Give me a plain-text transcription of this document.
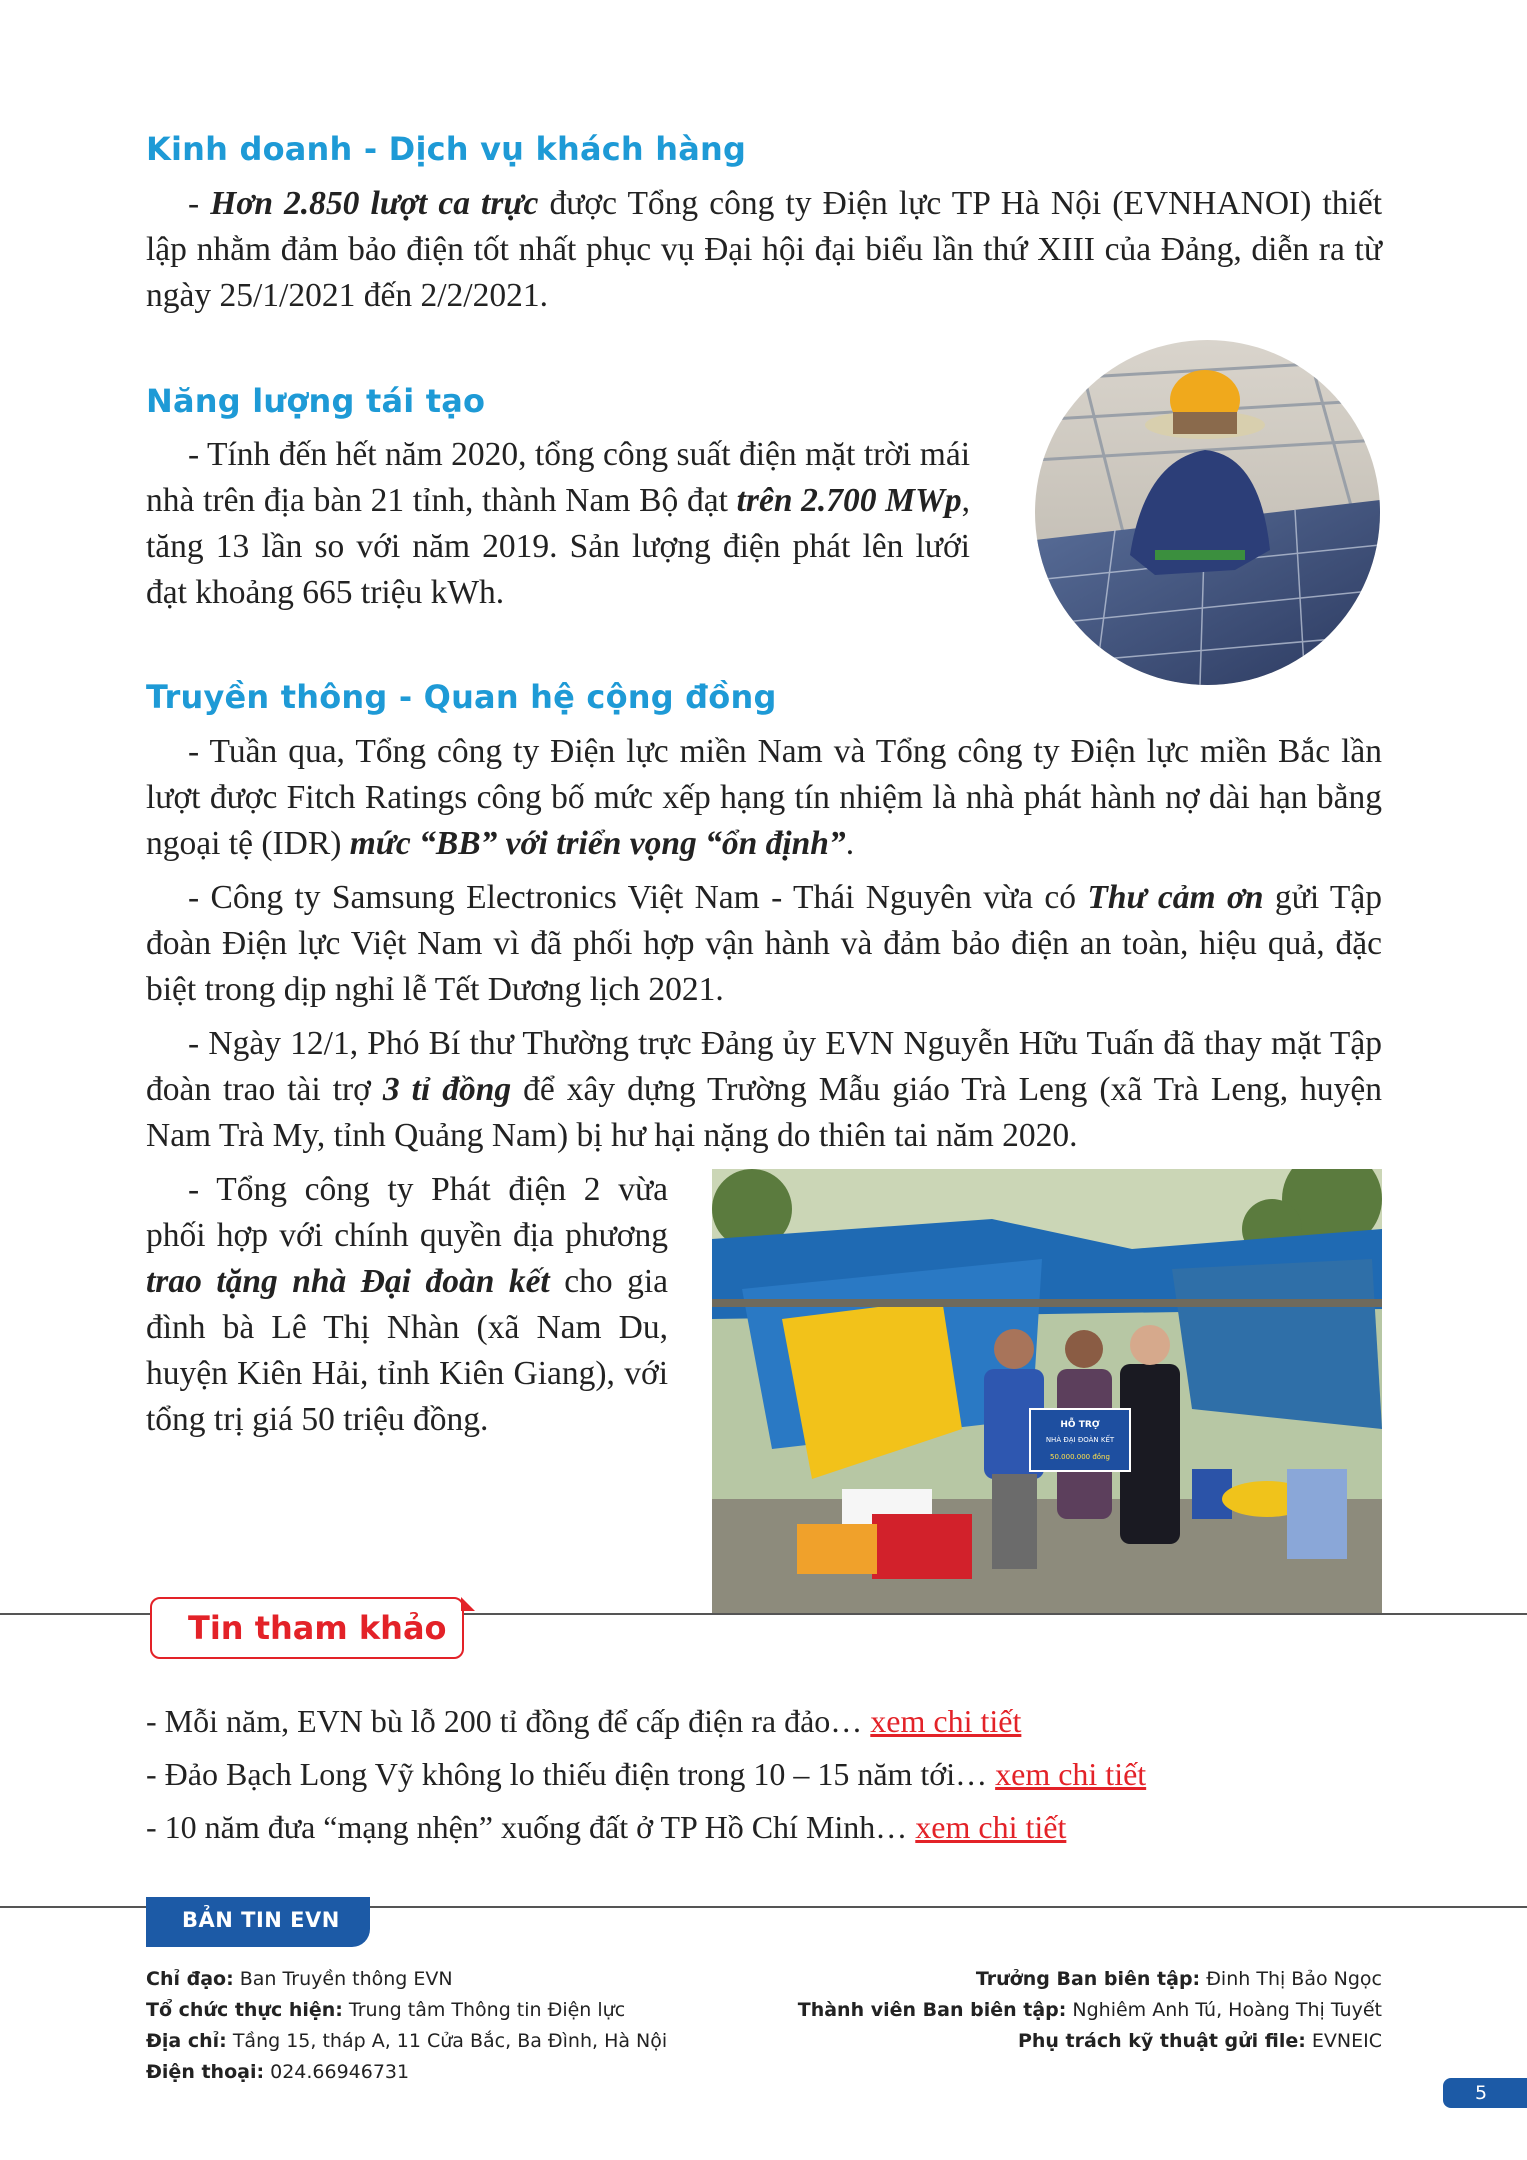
Kinh doanh - Dịch vụ khách hàng
- Hơn 2.850 lượt ca trực được Tổng công ty Điện lực TP Hà Nội (EVNHANOI) thiết lập nhằm đảm bảo điện tốt nhất phục vụ Đại hội đại biểu lần thứ XIII của Đảng, diễn ra từ ngày 25/1/2021 đến 2/2/2021.
Năng lượng tái tạo
- Tính đến hết năm 2020, tổng công suất điện mặt trời mái nhà trên địa bàn 21 tỉnh, thành Nam Bộ đạt trên 2.700 MWp, tăng 13 lần so với năm 2019. Sản lượng điện phát lên lưới đạt khoảng 665 triệu kWh.
Truyền thông - Quan hệ cộng đồng
- Tuần qua, Tổng công ty Điện lực miền Nam và Tổng công ty Điện lực miền Bắc lần lượt được Fitch Ratings công bố mức xếp hạng tín nhiệm là nhà phát hành nợ dài hạn bằng ngoại tệ (IDR) mức “BB” với triển vọng “ổn định”.
- Công ty Samsung Electronics Việt Nam - Thái Nguyên vừa có Thư cảm ơn gửi Tập đoàn Điện lực Việt Nam vì đã phối hợp vận hành và đảm bảo điện an toàn, hiệu quả, đặc biệt trong dịp nghỉ lễ Tết Dương lịch 2021.
- Ngày 12/1, Phó Bí thư Thường trực Đảng ủy EVN Nguyễn Hữu Tuấn đã thay mặt Tập đoàn trao tài trợ 3 tỉ đồng để xây dựng Trường Mẫu giáo Trà Leng (xã Trà Leng, huyện Nam Trà My, tỉnh Quảng Nam) bị hư hại nặng do thiên tai năm 2020.
- Tổng công ty Phát điện 2 vừa phối hợp với chính quyền địa phương trao tặng nhà Đại đoàn kết cho gia đình bà Lê Thị Nhàn (xã Nam Du, huyện Kiên Hải, tỉnh Kiên Giang), với tổng trị giá 50 triệu đồng.	HỖ TRỢ
NHÀ ĐẠI ĐOÀN KẾT
50.000.000 đồng
Tin tham khảo
- Mỗi năm, EVN bù lỗ 200 tỉ đồng để cấp điện ra đảo… xem chi tiết
- Đảo Bạch Long Vỹ không lo thiếu điện trong 10 – 15 năm tới… xem chi tiết
- 10 năm đưa “mạng nhện” xuống đất ở TP Hồ Chí Minh… xem chi tiết
BẢN TIN EVN
Chỉ đạo: Ban Truyền thông EVN
Tổ chức thực hiện: Trung tâm Thông tin Điện lực
Địa chỉ: Tầng 15, tháp A, 11 Cửa Bắc, Ba Đình, Hà Nội
Điện thoại: 024.66946731
Trưởng Ban biên tập: Đinh Thị Bảo Ngọc
Thành viên Ban biên tập: Nghiêm Anh Tú, Hoàng Thị Tuyết
Phụ trách kỹ thuật gửi file: EVNEIC
5
